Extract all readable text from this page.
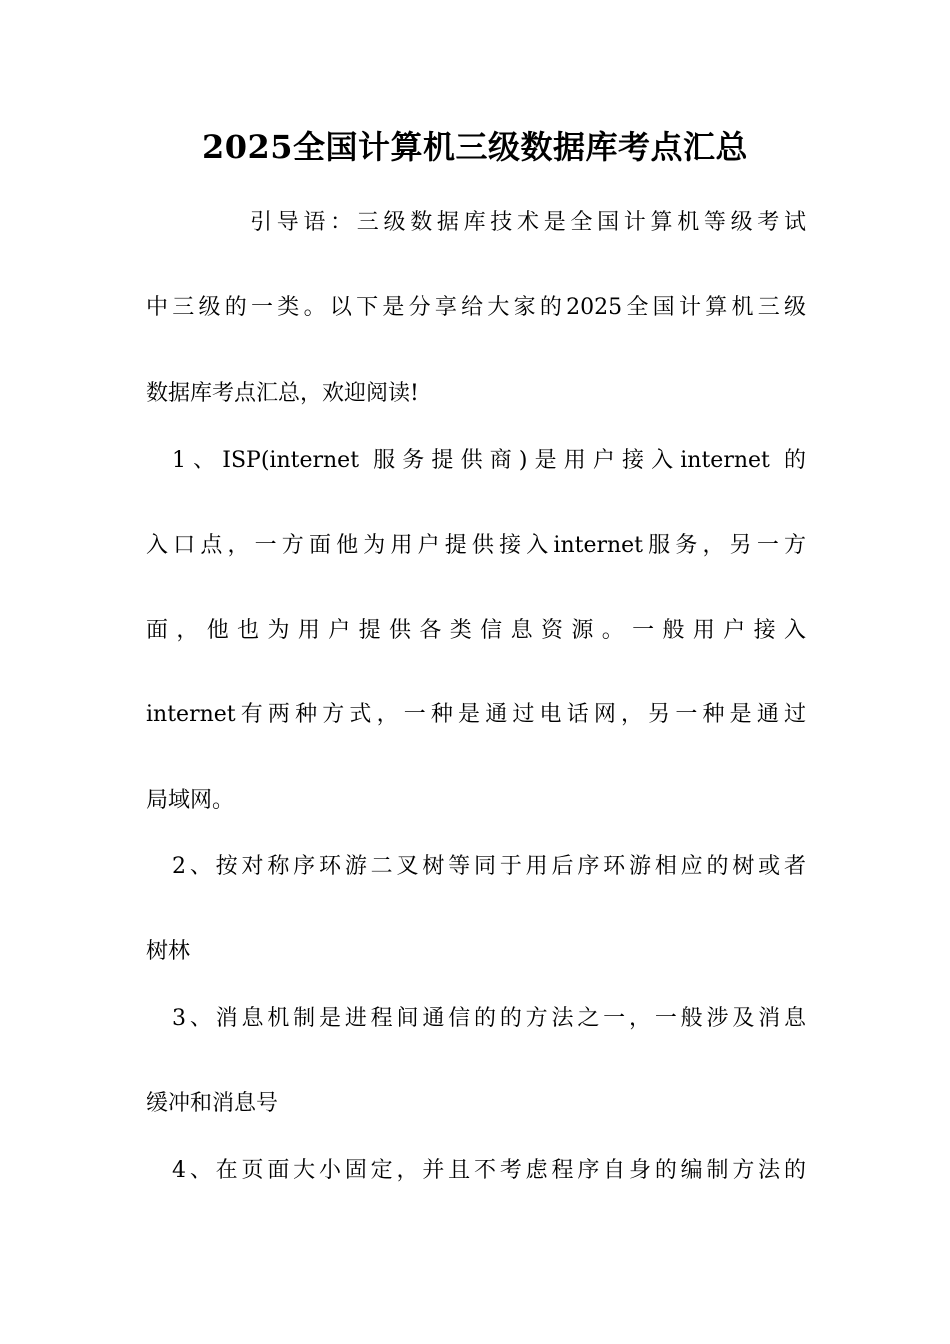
2025全国计算机三级数据库考点汇总
引导语：三级数据库技术是全国计算机等级考试
中三级的一类。以下是分享给大家的2025全国计算机三级
数据库考点汇总，欢迎阅读!
1、ISP(internet 服务提供商)是用户接入internet 的
入口点，一方面他为用户提供接入internet服务，另一方
面，他也为用户提供各类信息资源。一般用户接入
internet有两种方式，一种是通过电话网，另一种是通过
局域网。
2、按对称序环游二叉树等同于用后序环游相应的树或者
树林
3、消息机制是进程间通信的的方法之一，一般涉及消息
缓冲和消息号
4、在页面大小固定，并且不考虑程序自身的编制方法的
